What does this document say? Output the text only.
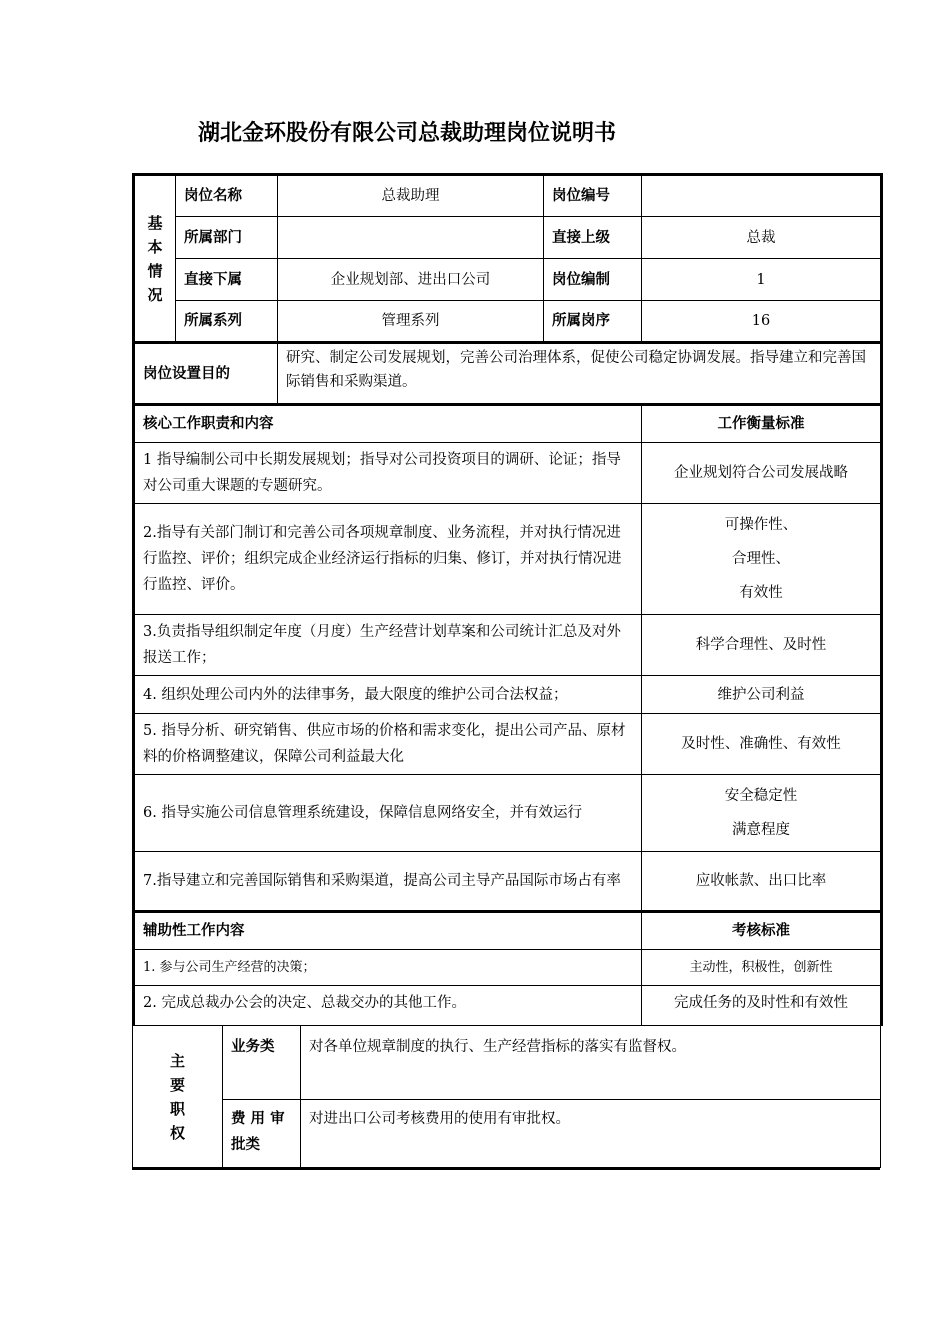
湖北金环股份有限公司总裁助理岗位说明书
基
本
情
况	岗位名称	总裁助理	岗位编号	
	所属部门		直接上级	总裁
	直接下属	企业规划部、进出口公司	岗位编制	1
	所属系列	管理系列	所属岗序	16
岗位设置目的		研究、制定公司发展规划，完善公司治理体系，促使公司稳定协调发展。指导建立和完善国际销售和采购渠道。		
核心工作职责和内容				工作衡量标准
1 指导编制公司中长期发展规划；指导对公司投资项目的调研、论证；指导对公司重大课题的专题研究。				企业规划符合公司发展战略
2.指导有关部门制订和完善公司各项规章制度、业务流程，并对执行情况进行监控、评价；组织完成企业经济运行指标的归集、修订，并对执行情况进行监控、评价。				可操作性、
合理性、
有效性

3.负责指导组织制定年度（月度）生产经营计划草案和公司统计汇总及对外报送工作；				科学合理性、及时性
4. 组织处理公司内外的法律事务，最大限度的维护公司合法权益；				维护公司利益
5. 指导分析、研究销售、供应市场的价格和需求变化，提出公司产品、原材料的价格调整建议，保障公司利益最大化				及时性、准确性、有效性
6. 指导实施公司信息管理系统建设，保障信息网络安全，并有效运行				安全稳定性
满意程度

7.指导建立和完善国际销售和采购渠道，提高公司主导产品国际市场占有率				应收帐款、出口比率
辅助性工作内容				考核标准
1. 参与公司生产经营的决策；				主动性，积极性，创新性
2. 完成总裁办公会的决定、总裁交办的其他工作。				完成任务的及时性和有效性
主
要
职
权	业务类	对各单位规章制度的执行、生产经营指标的落实有监督权。
	费 用 审 批类	对进出口公司考核费用的使用有审批权。
